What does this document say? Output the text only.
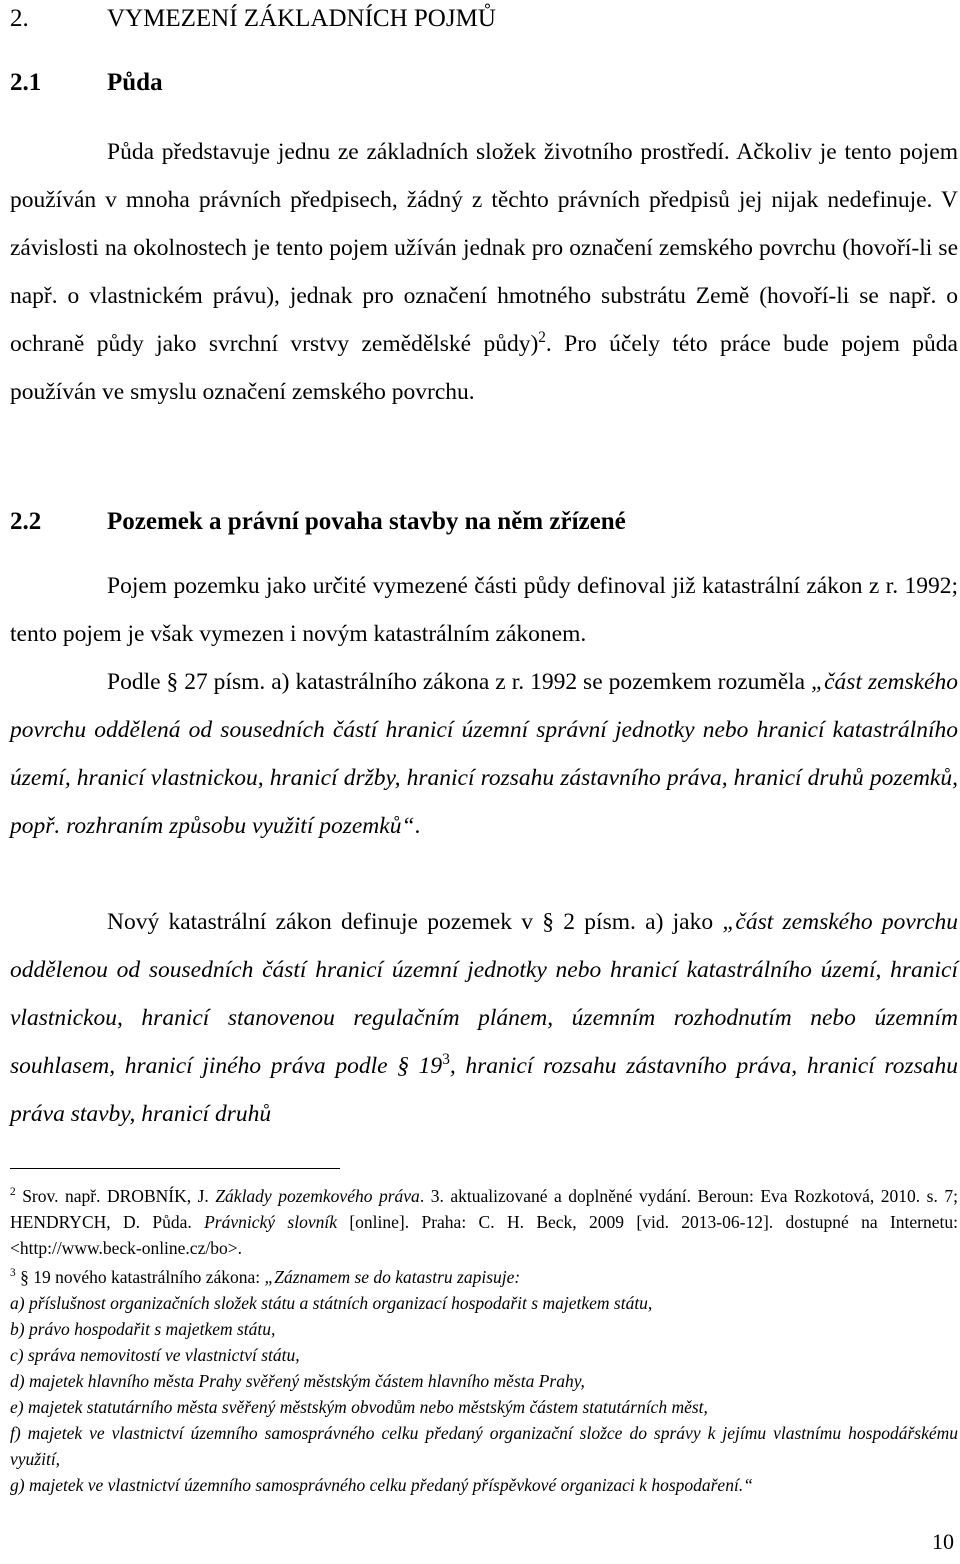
2.	VYMEZENÍ ZÁKLADNÍCH POJMŮ
2.1	Půda
Půda představuje jednu ze základních složek životního prostředí. Ačkoliv je tento pojem používán v mnoha právních předpisech, žádný z těchto právních předpisů jej nijak nedefinuje. V závislosti na okolnostech je tento pojem užíván jednak pro označení zemského povrchu (hovoří-li se např. o vlastnickém právu), jednak pro označení hmotného substrátu Země (hovoří-li se např. o ochraně půdy jako svrchní vrstvy zemědělské půdy)$^2$. Pro účely této práce bude pojem půda používán ve smyslu označení zemského povrchu.
2.2	Pozemek a právní povaha stavby na něm zřízené
Pojem pozemku jako určité vymezené části půdy definoval již katastrální zákon z r. 1992; tento pojem je však vymezen i novým katastrálním zákonem.
Podle § 27 písm. a) katastrálního zákona z r. 1992 se pozemkem rozuměla „část zemského povrchu oddělená od sousedních částí hranicí územní správní jednotky nebo hranicí katastrálního území, hranicí vlastnickou, hranicí držby, hranicí rozsahu zástavního práva, hranicí druhů pozemků, popř. rozhraním způsobu využití pozemků“.
Nový katastrální zákon definuje pozemek v § 2 písm. a) jako „část zemského povrchu oddělenou od sousedních částí hranicí územní jednotky nebo hranicí katastrálního území, hranicí vlastnickou, hranicí stanovenou regulačním plánem, územním rozhodnutím nebo územním souhlasem, hranicí jiného práva podle § $19^3$, hranicí rozsahu zástavního práva, hranicí rozsahu práva stavby, hranicí druhů
$^2$ Srov. např. DROBNÍK, J. Základy pozemkového práva. 3. aktualizované a doplněné vydání. Beroun: Eva Rozkotová, 2010. s. 7; HENDRYCH, D. Půda. Právnický slovník [online]. Praha: C. H. Beck, 2009 [vid. 2013-06-12]. dostupné na Internetu: <http://www.beck-online.cz/bo>.
$^3$ § 19 nového katastrálního zákona: „Záznamem se do katastru zapisuje:
a) příslušnost organizačních složek státu a státních organizací hospodařit s majetkem státu,
b) právo hospodařit s majetkem státu,
c) správa nemovitostí ve vlastnictví státu,
d) majetek hlavního města Prahy svěřený městským částem hlavního města Prahy,
e) majetek statutárního města svěřený městským obvodům nebo městským částem statutárních měst,
f) majetek ve vlastnictví územního samosprávného celku předaný organizační složce do správy k jejímu vlastnímu hospodářskému využití,
g) majetek ve vlastnictví územního samosprávného celku předaný příspěvkové organizaci k hospodaření.“
10
